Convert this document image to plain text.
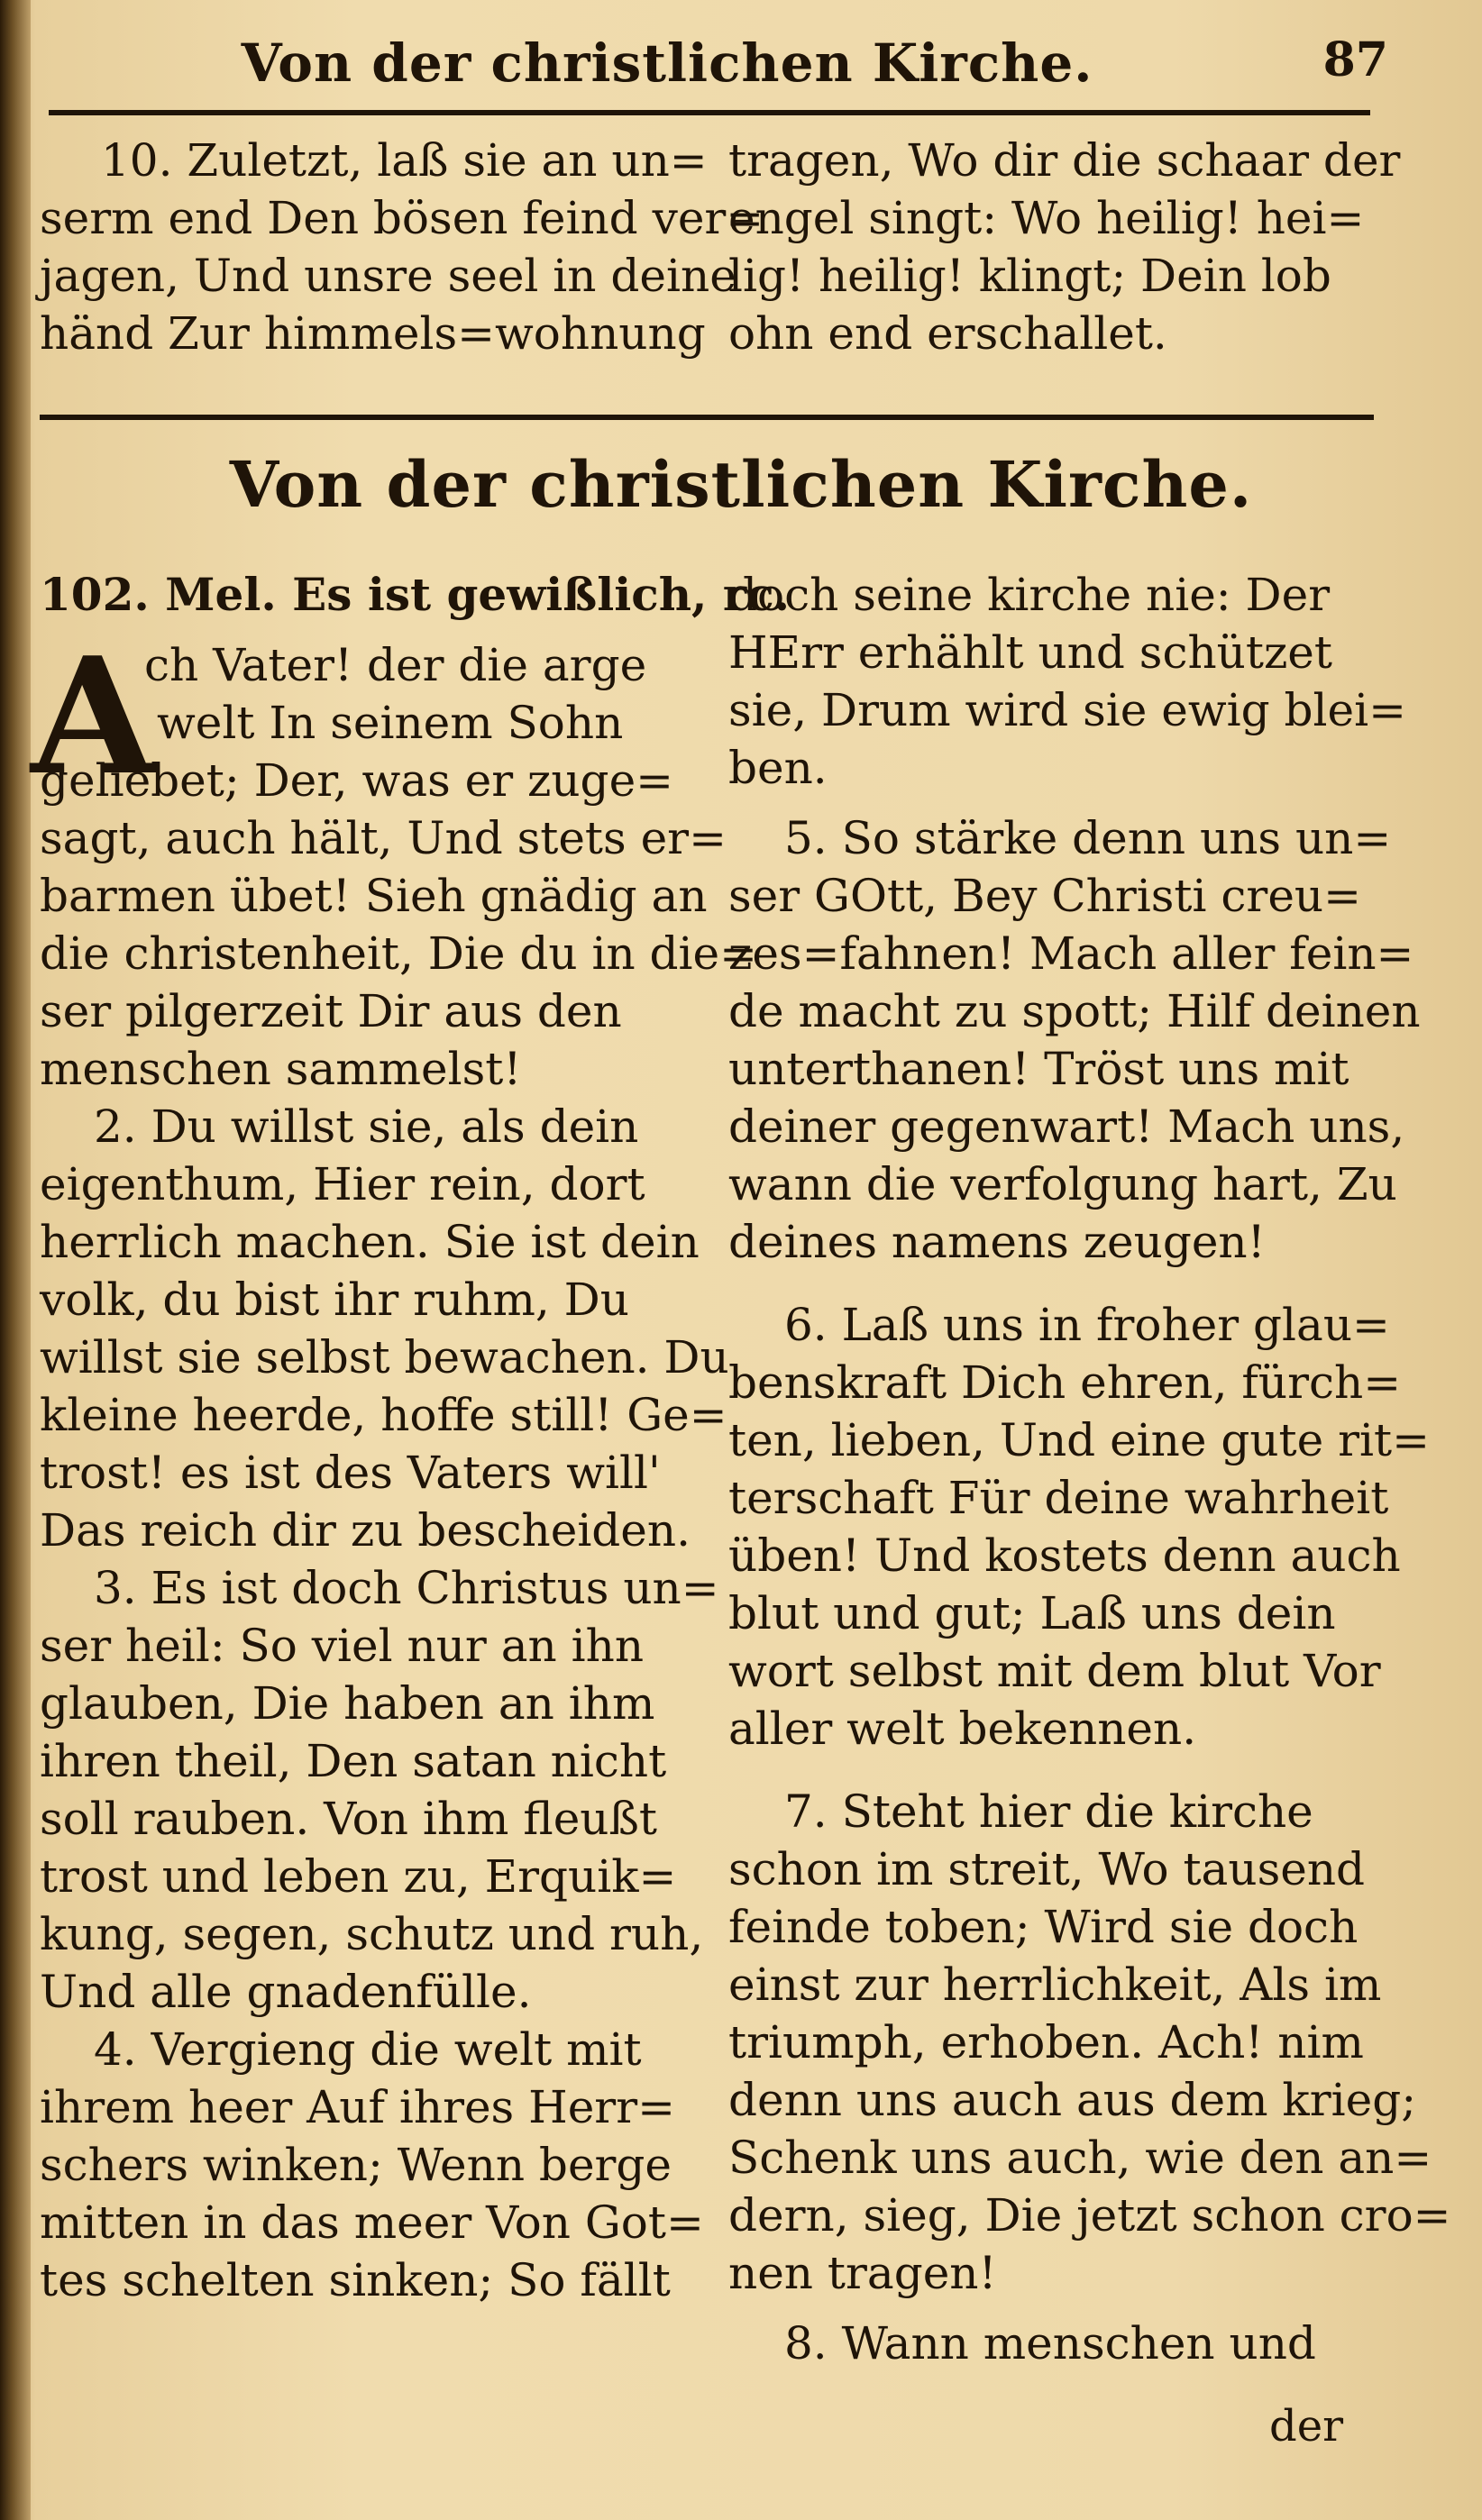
Von der christlichen Kirche.	87
10. Zuletzt, laß sie an un=
serm end Den bösen feind ver=
jagen, Und unsre seel in deine
händ Zur himmels=wohnung
tragen, Wo dir die schaar der
engel singt: Wo heilig! hei=
lig! heilig! klingt; Dein lob
ohn end erschallet.
Von der christlichen Kirche.
102. Mel. Es ist gewißlich, rc.
A
ch Vater! der die arge
welt In seinem Sohn
geliebet; Der, was er zuge=
sagt, auch hält, Und stets er=
barmen übet! Sieh gnädig an
die christenheit, Die du in die=
ser pilgerzeit Dir aus den
menschen sammelst!
2. Du willst sie, als dein
eigenthum, Hier rein, dort
herrlich machen. Sie ist dein
volk, du bist ihr ruhm, Du
willst sie selbst bewachen. Du
kleine heerde, hoffe still! Ge=
trost! es ist des Vaters will'
Das reich dir zu bescheiden.
3. Es ist doch Christus un=
ser heil: So viel nur an ihn
glauben, Die haben an ihm
ihren theil, Den satan nicht
soll rauben. Von ihm fleußt
trost und leben zu, Erquik=
kung, segen, schutz und ruh,
Und alle gnadenfülle.
4. Vergieng die welt mit
ihrem heer Auf ihres Herr=
schers winken; Wenn berge
mitten in das meer Von Got=
tes schelten sinken; So fällt
doch seine kirche nie: Der
HErr erhählt und schützet
sie, Drum wird sie ewig blei=
ben.
5. So stärke denn uns un=
ser GOtt, Bey Christi creu=
zes=fahnen! Mach aller fein=
de macht zu spott; Hilf deinen
unterthanen! Tröst uns mit
deiner gegenwart! Mach uns,
wann die verfolgung hart, Zu
deines namens zeugen!
6. Laß uns in froher glau=
benskraft Dich ehren, fürch=
ten, lieben, Und eine gute rit=
terschaft Für deine wahrheit
üben! Und kostets denn auch
blut und gut; Laß uns dein
wort selbst mit dem blut Vor
aller welt bekennen.
7. Steht hier die kirche
schon im streit, Wo tausend
feinde toben; Wird sie doch
einst zur herrlichkeit, Als im
triumph, erhoben. Ach! nim
denn uns auch aus dem krieg;
Schenk uns auch, wie den an=
dern, sieg, Die jetzt schon cro=
nen tragen!
8. Wann menschen und
der
